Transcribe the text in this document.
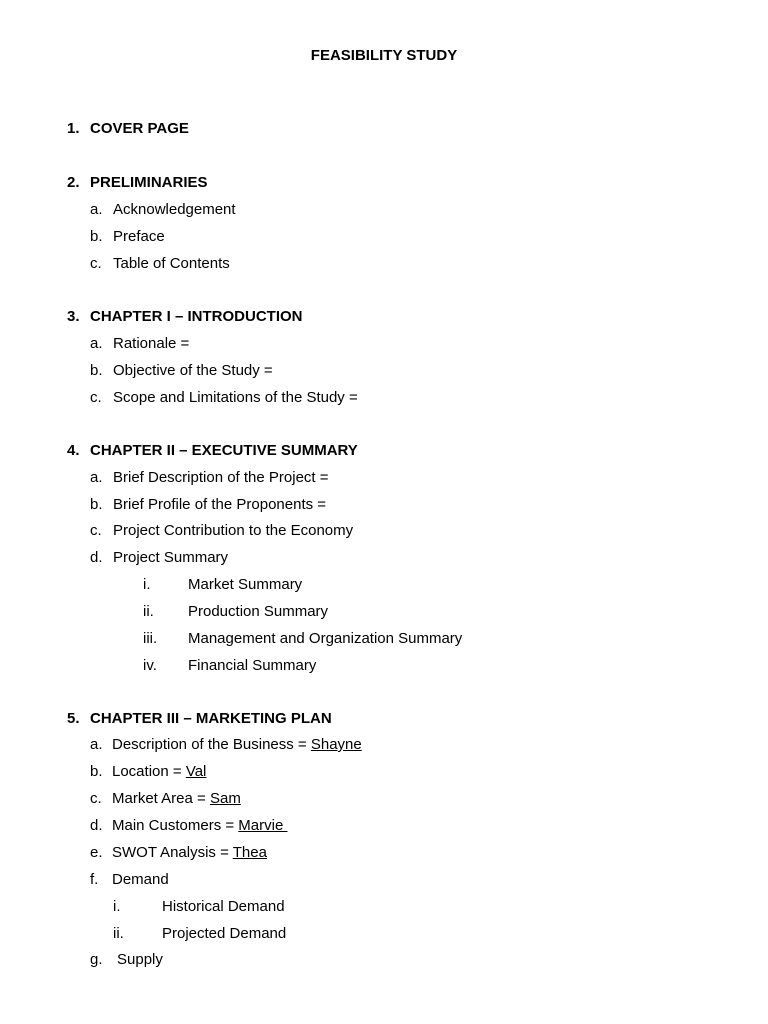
FEASIBILITY STUDY
1. COVER PAGE
2. PRELIMINARIES
a. Acknowledgement
b. Preface
c. Table of Contents
3. CHAPTER I – INTRODUCTION
a. Rationale =
b. Objective of the Study =
c. Scope and Limitations of the Study =
4. CHAPTER II – EXECUTIVE SUMMARY
a. Brief Description of the Project =
b. Brief Profile of the Proponents =
c. Project Contribution to the Economy
d. Project Summary
i.	Market Summary
ii. Production Summary
iii. Management and Organization Summary
iv. Financial Summary
5. CHAPTER III – MARKETING PLAN
a. Description of the Business = Shayne
b. Location = Val
c. Market Area = Sam
d. Main Customers = Marvie
e. SWOT Analysis = Thea
f. Demand
i.	Historical Demand
ii.	Projected Demand
g. Supply
